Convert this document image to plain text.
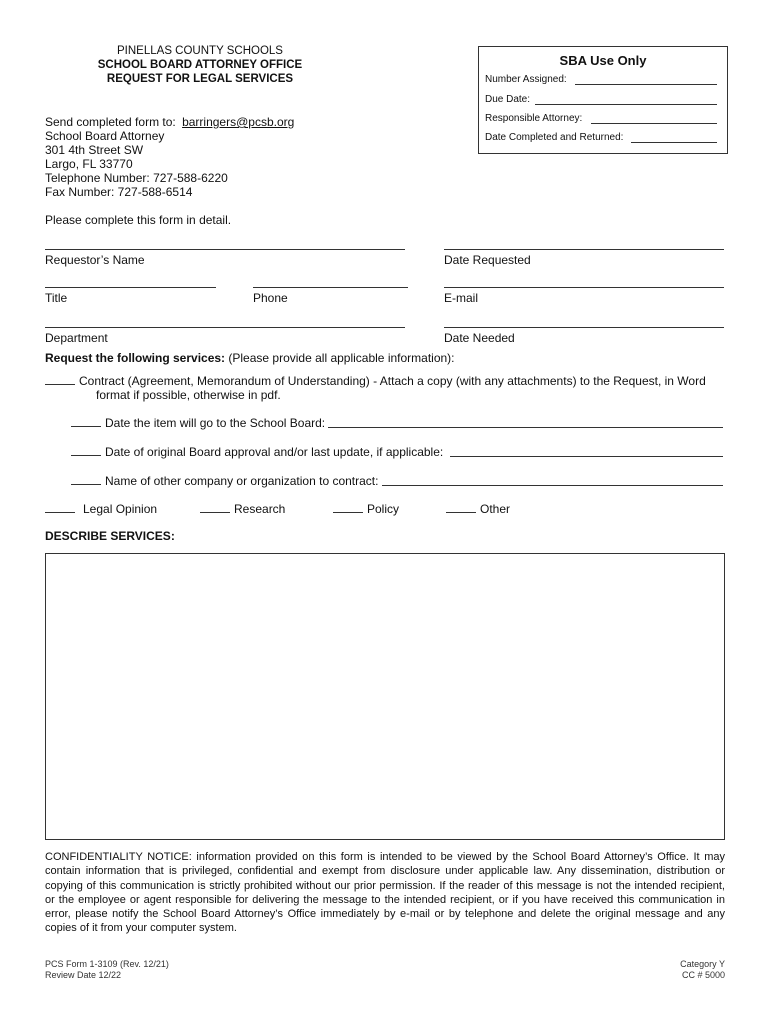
PINELLAS COUNTY SCHOOLS
SCHOOL BOARD ATTORNEY OFFICE
REQUEST FOR LEGAL SERVICES
SBA Use Only
Number Assigned:
Due Date:
Responsible Attorney:
Date Completed and Returned:
Send completed form to: barringers@pcsb.org
School Board Attorney
301 4th Street SW
Largo, FL 33770
Telephone Number: 727-588-6220
Fax Number: 727-588-6514
Please complete this form in detail.
Requestor’s Name	Date Requested
Title	Phone	E-mail
Department	Date Needed
Request the following services: (Please provide all applicable information):
Contract (Agreement, Memorandum of Understanding) - Attach a copy (with any attachments) to the Request, in Word
format if possible, otherwise in pdf.
Date the item will go to the School Board:
Date of original Board approval and/or last update, if applicable:
Name of other company or organization to contract:
Legal Opinion	Research	Policy	Other
DESCRIBE SERVICES:
CONFIDENTIALITY NOTICE: information provided on this form is intended to be viewed by the School Board Attorney’s Office. It may contain information that is privileged, confidential and exempt from disclosure under applicable law. Any dissemination, distribution or copying of this communication is strictly prohibited without our prior permission. If the reader of this message is not the intended recipient, or the employee or agent responsible for delivering the message to the intended recipient, or if you have received this communication in error, please notify the School Board Attorney’s Office immediately by e-mail or by telephone and delete the original message and any copies of it from your computer system.
PCS Form 1-3109 (Rev. 12/21)
Review Date 12/22
Category Y
CC # 5000
